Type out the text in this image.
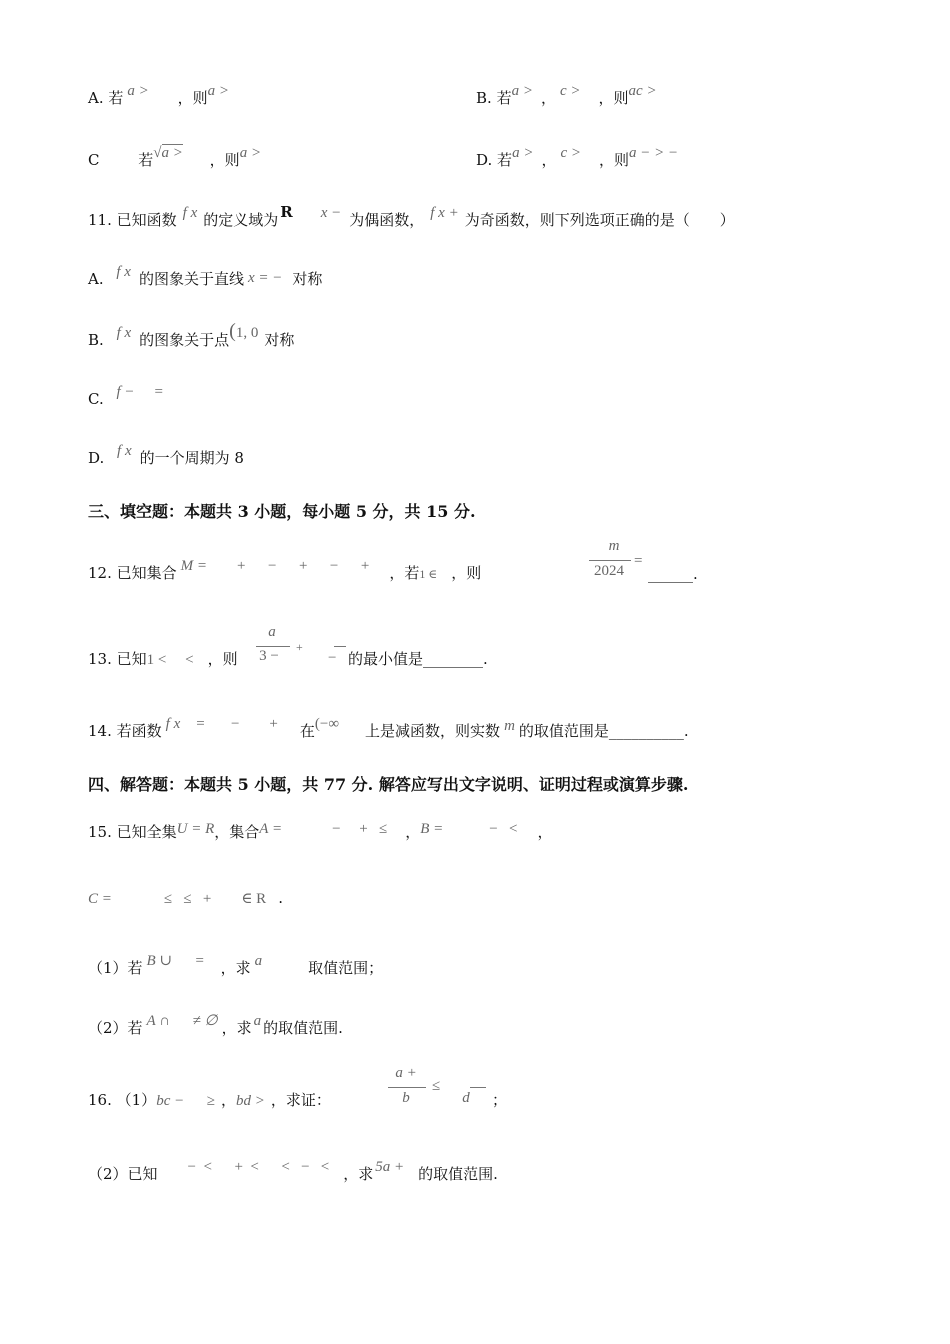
A. 若 a > ，则a >	B. 若a > ， c > ，则ac >
C	若√a > ，则a >	D. 若a > ， c > ，则a − > −
11. 已知函数 f x 的定义域为 R x − 为偶函数， f x + 为奇函数，则下列选项正确的是（ ）
A. f x 的图象关于直线 x = − 对称
B. f x 的图象关于点(1, 0 对称
C. f − =
D. f x 的一个周期为 8
三、填空题：本题共 3 小题，每小题 5 分，共 15 分.
12. 已知集合 M = +      −      +      −      + ，若1 ∈ ，则
m
2024
=
______.
13. 已知1 <     < ，则
a
3 −
+
− 的最小值是________.
14. 若函数 f x =       −        + 在(−∞ 上是减函数，则实数 m 的取值范围是__________.
四、解答题：本题共 5 小题，共 77 分. 解答应写出文字说明、证明过程或演算步骤.
15. 已知全集U = R，集合A =	−     +   ≤ ，B =	−   < ，
C =	≤   ≤   +        ∈ R .
（1）若 B ∪      = ，求 a	取值范围；
（2）若 A ∩      ≠ ∅ ，求 a 的取值范围.
16. （1）bc −      ≥ ，bd > ，求证：
a +
b
≤
d ；
（2）已知 −  <      +  <      <   −   < ，求 5a + 的取值范围.
